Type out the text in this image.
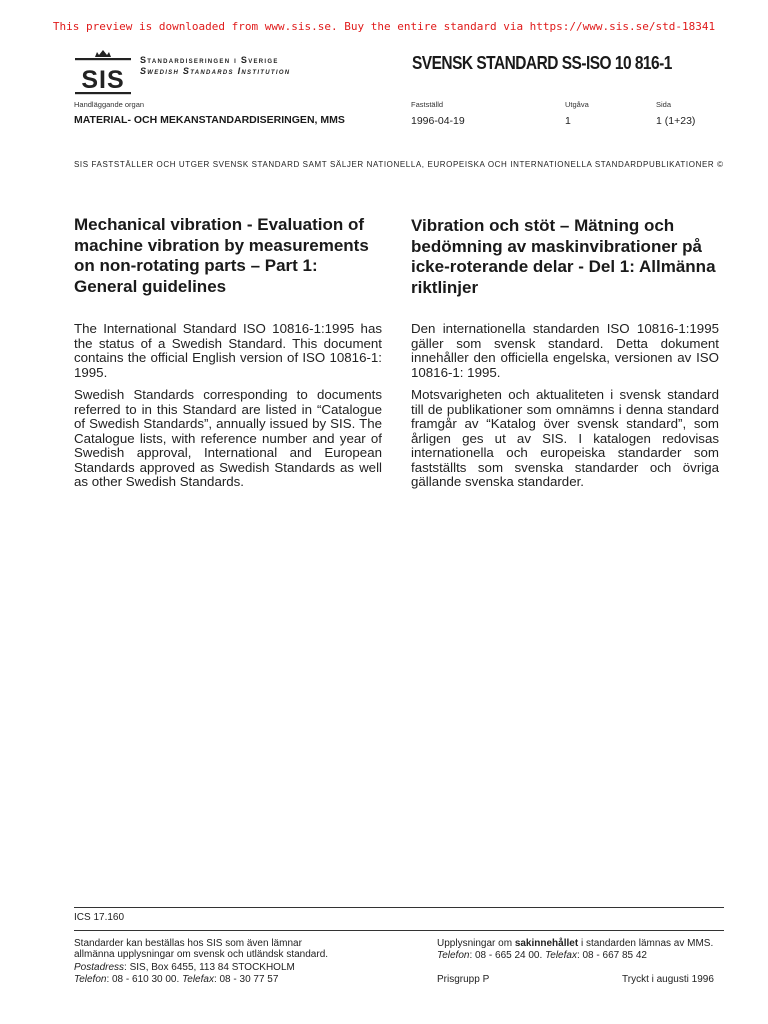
This preview is downloaded from www.sis.se. Buy the entire standard via https://www.sis.se/std-18341
SIS
Standardiseringen i Sverige
Swedish Standards Institution	SVENSK STANDARD SS-ISO 10 816-1
Handläggande organ
MATERIAL- OCH MEKANSTANDARDISERINGEN, MMS
Fastställd
1996-04-19
Utgåva
1
Sida
1 (1+23)
SIS FASTSTÄLLER OCH UTGER SVENSK STANDARD SAMT SÄLJER NATIONELLA, EUROPEISKA OCH INTERNATIONELLA STANDARDPUBLIKATIONER ©
Mechanical vibration - Evaluation of machine vibration by measurements on non-rotating parts – Part 1: General guidelines
Vibration och stöt – Mätning och bedömning av maskinvibrationer på icke-roterande delar - Del 1: Allmänna riktlinjer

The International Standard ISO 10816-1:1995 has the status of a Swedish Standard. This document contains the official English version of ISO 10816-1: 1995.

Swedish Standards corresponding to documents referred to in this Standard are listed in “Catalogue of Swedish Standards”, annually issued by SIS. The Catalogue lists, with reference number and year of Swedish approval, International and European Standards approved as Swedish Standards as well as other Swedish Standards.

Den internationella standarden ISO 10816-1:1995 gäller som svensk standard. Detta dokument innehåller den officiella engelska, versionen av ISO 10816-1: 1995.

Motsvarigheten och aktualiteten i svensk standard till de publikationer som omnämns i denna standard framgår av “Katalog över svensk standard”, som årligen ges ut av SIS. I katalogen redovisas internationella och europeiska standarder som fastställts som svenska standarder och övriga gällande svenska standarder.

ICS 17.160
Standarder kan beställas hos SIS som även lämnar allmänna upplysningar om svensk och utländsk standard.
Postadress: SIS, Box 6455, 113 84 STOCKHOLM
Telefon: 08 - 610 30 00. Telefax: 08 - 30 77 57
Upplysningar om sakinnehållet i standarden lämnas av MMS.
Telefon: 08 - 665 24 00. Telefax: 08 - 667 85 42
Prisgrupp P	Tryckt i augusti 1996
